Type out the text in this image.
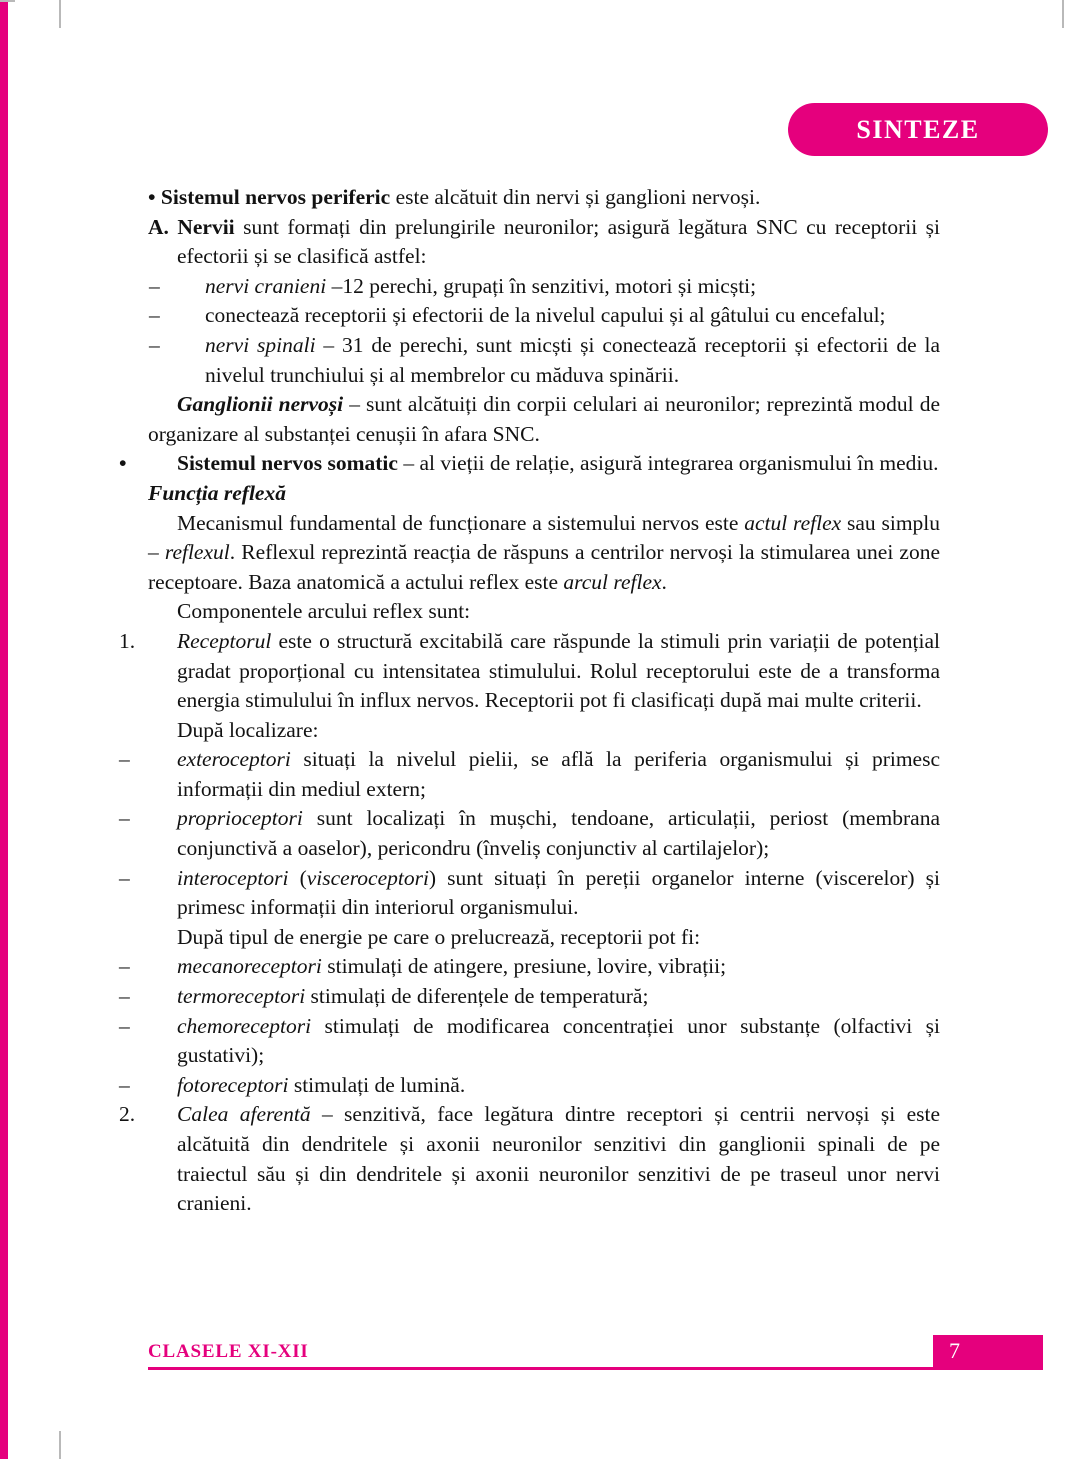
SINTEZE

• Sistemul nervos periferic este alcătuit din nervi și ganglioni nervoși.

A. Nervii sunt formați din prelungirile neuronilor; asigură legătura SNC cu receptorii și efectorii și se clasifică astfel:

– nervi cranieni –12 perechi, grupați în senzitivi, motori și micști;

– conectează receptorii și efectorii de la nivelul capului și al gâtului cu encefalul;

– nervi spinali – 31 de perechi, sunt micști și conectează receptorii și efectorii de la nivelul trunchiului și al membrelor cu măduva spinării.

Ganglionii nervoși – sunt alcătuiți din corpii celulari ai neuronilor; reprezintă modul de organizare al substanței cenușii în afara SNC.

• Sistemul nervos somatic – al vieții de relație, asigură integrarea organismului în mediu.

Funcția reflexă

Mecanismul fundamental de funcționare a sistemului nervos este actul reflex sau simplu – reflexul. Reflexul reprezintă reacția de răspuns a centrilor nervoși la stimularea unei zone receptoare. Baza anatomică a actului reflex este arcul reflex.

Componentele arcului reflex sunt:

1. Receptorul este o structură excitabilă care răspunde la stimuli prin variații de potențial gradat proporțional cu intensitatea stimulului. Rolul receptorului este de a transforma energia stimulului în influx nervos. Receptorii pot fi clasificați după mai multe criterii.

După localizare:

– exteroceptori situați la nivelul pielii, se află la periferia organismului și primesc informații din mediul extern;

– proprioceptori sunt localizați în mușchi, tendoane, articulații, periost (membrana conjunctivă a oaselor), pericondru (înveliș conjunctiv al cartilajelor);

– interoceptori (visceroceptori) sunt situați în pereții organelor interne (viscerelor) și primesc informații din interiorul organismului.

După tipul de energie pe care o prelucrează, receptorii pot fi:

– mecanoreceptori stimulați de atingere, presiune, lovire, vibrații;

– termoreceptori stimulați de diferențele de temperatură;

– chemoreceptori stimulați de modificarea concentrației unor substanțe (olfactivi și gustativi);

– fotoreceptori stimulați de lumină.

2. Calea aferentă – senzitivă, face legătura dintre receptori și centrii nervoși și este alcătuită din dendritele și axonii neuronilor senzitivi din ganglionii spinali de pe traiectul său și din dendritele și axonii neuronilor senzitivi de pe traseul unor nervi cranieni.

CLASELE XI-XII	7
